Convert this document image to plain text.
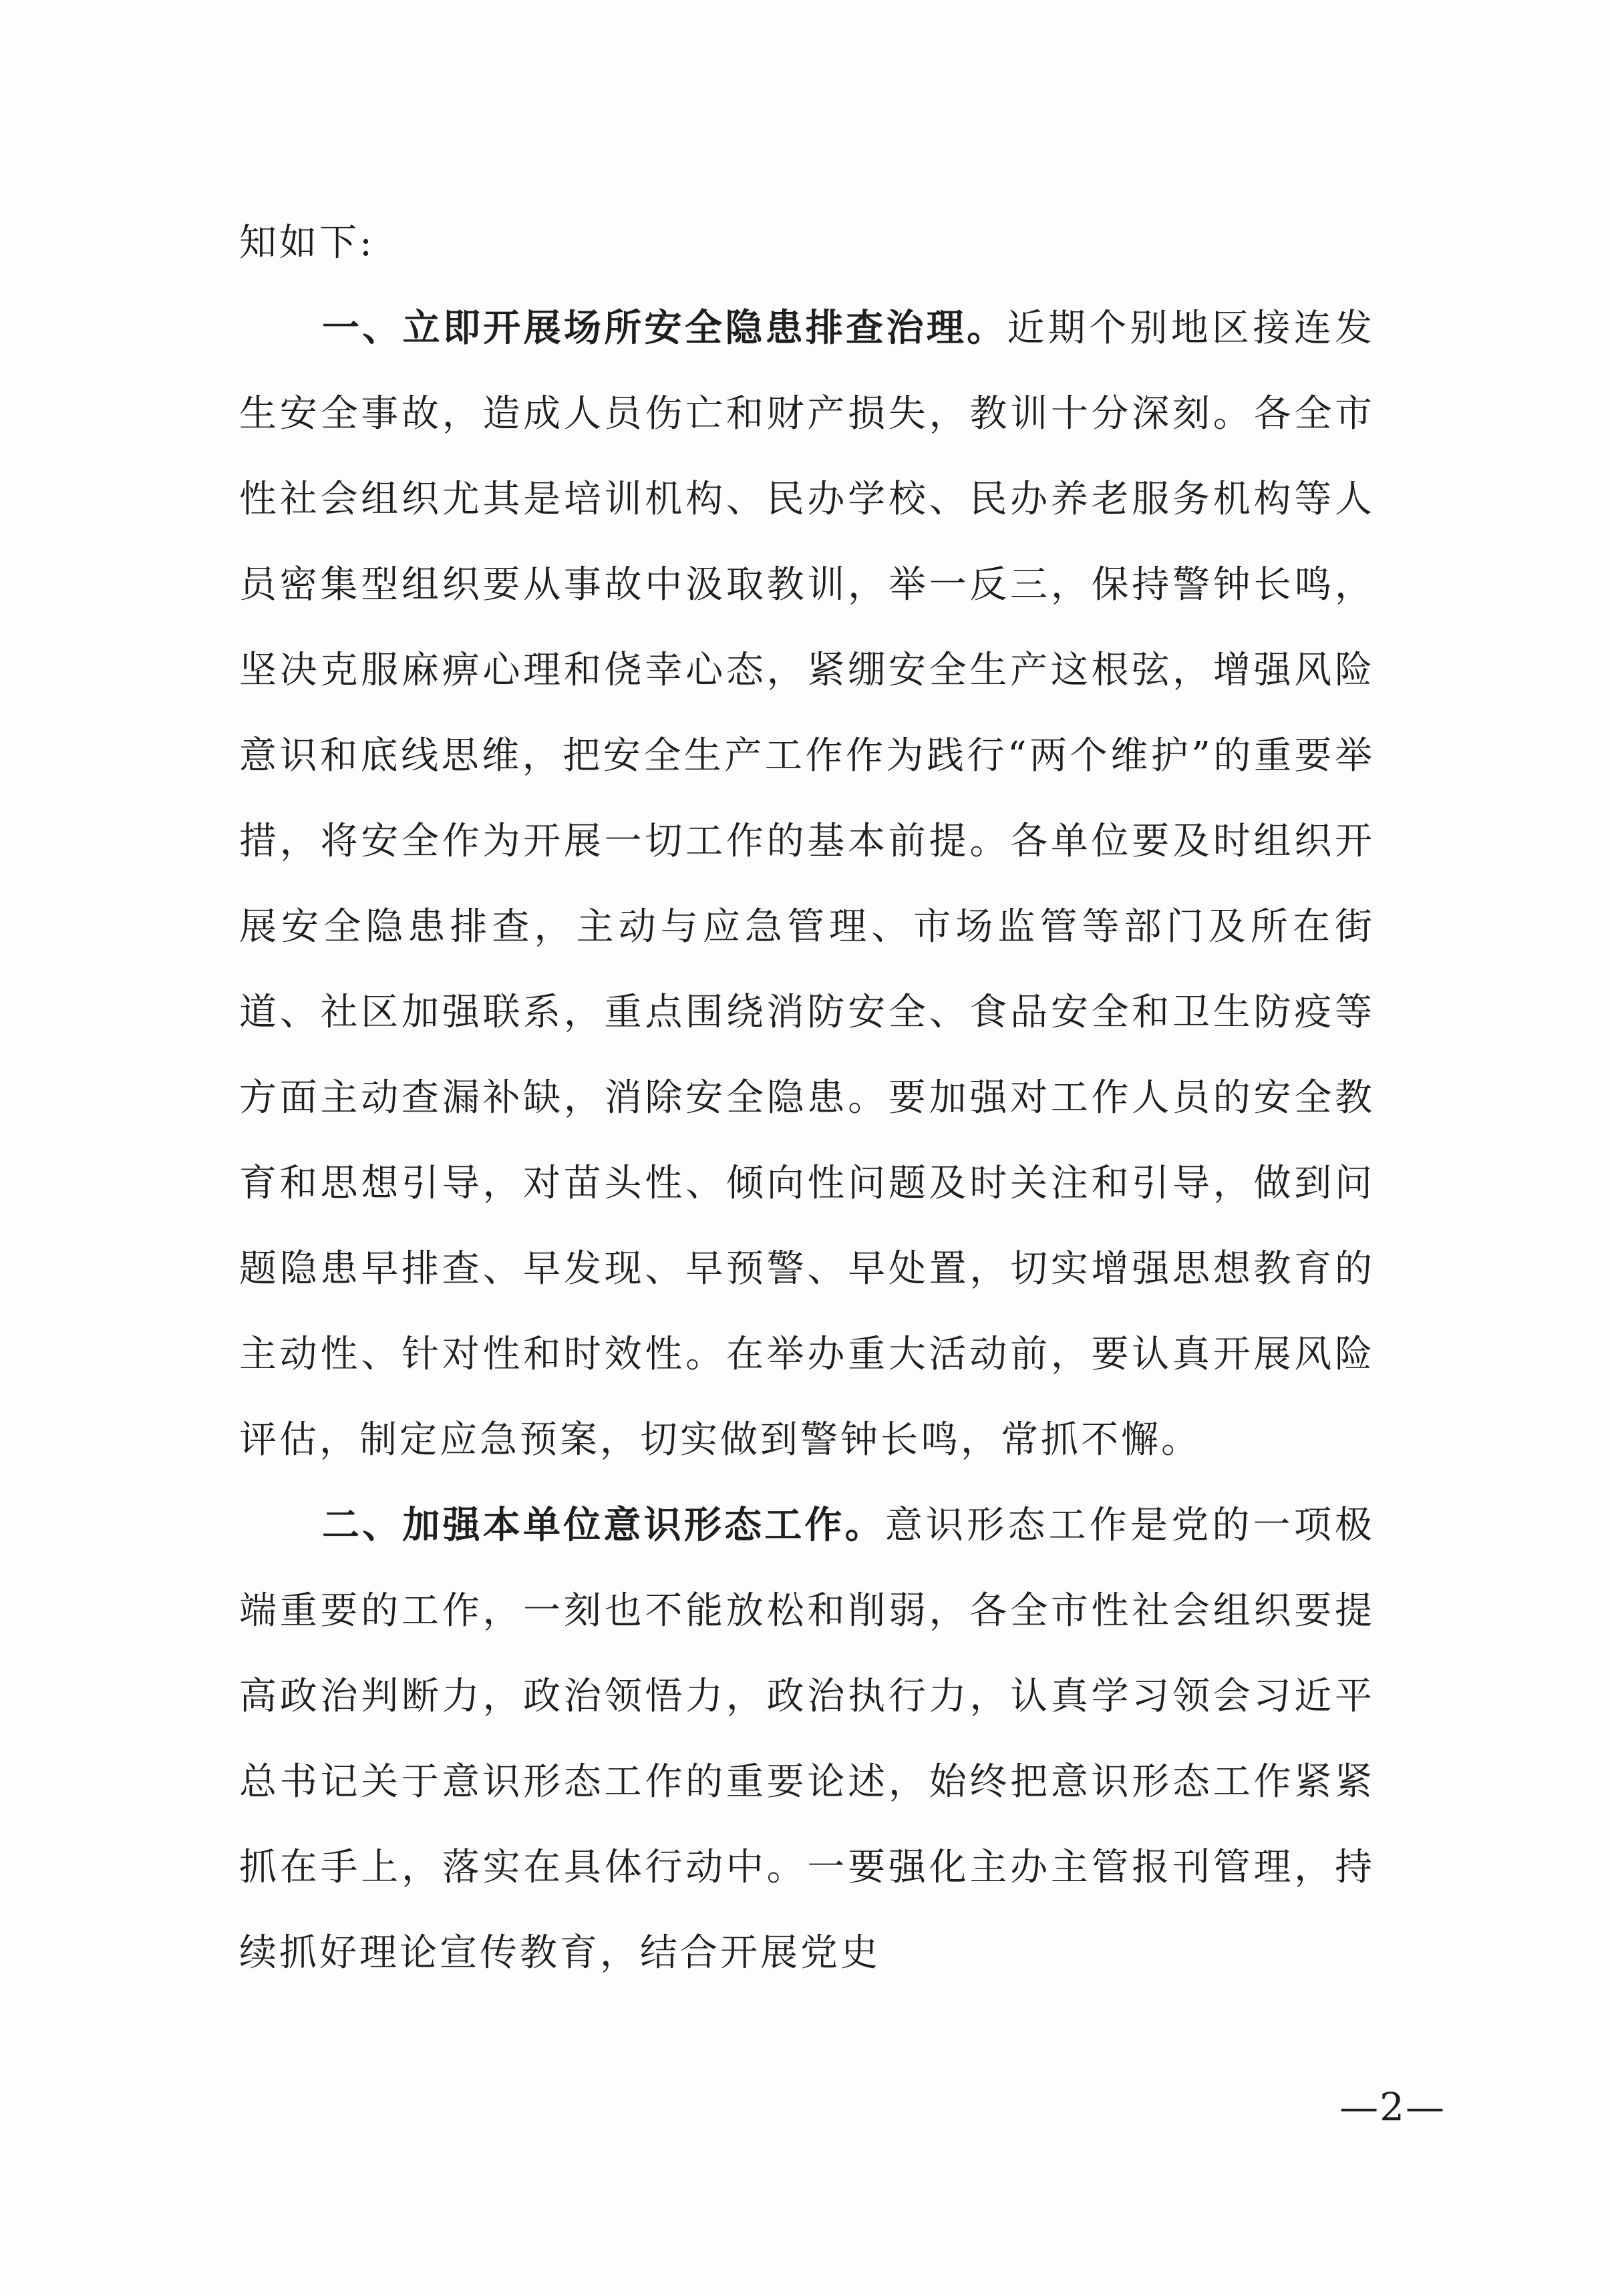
知如下:

一、立即开展场所安全隐患排查治理。近期个别地区接连发生安全事故，造成人员伤亡和财产损失，教训十分深刻。各全市性社会组织尤其是培训机构、民办学校、民办养老服务机构等人员密集型组织要从事故中汲取教训，举一反三，保持警钟长鸣，坚决克服麻痹心理和侥幸心态，紧绷安全生产这根弦，增强风险意识和底线思维，把安全生产工作作为践行“两个维护”的重要举措，将安全作为开展一切工作的基本前提。各单位要及时组织开展安全隐患排查，主动与应急管理、市场监管等部门及所在街道、社区加强联系，重点围绕消防安全、食品安全和卫生防疫等方面主动查漏补缺，消除安全隐患。要加强对工作人员的安全教育和思想引导，对苗头性、倾向性问题及时关注和引导，做到问题隐患早排查、早发现、早预警、早处置，切实增强思想教育的主动性、针对性和时效性。在举办重大活动前，要认真开展风险评估，制定应急预案，切实做到警钟长鸣，常抓不懈。

二、加强本单位意识形态工作。意识形态工作是党的一项极端重要的工作，一刻也不能放松和削弱，各全市性社会组织要提高政治判断力，政治领悟力，政治执行力，认真学习领会习近平总书记关于意识形态工作的重要论述，始终把意识形态工作紧紧抓在手上，落实在具体行动中。一要强化主办主管报刊管理，持续抓好理论宣传教育，结合开展党史

—2—
